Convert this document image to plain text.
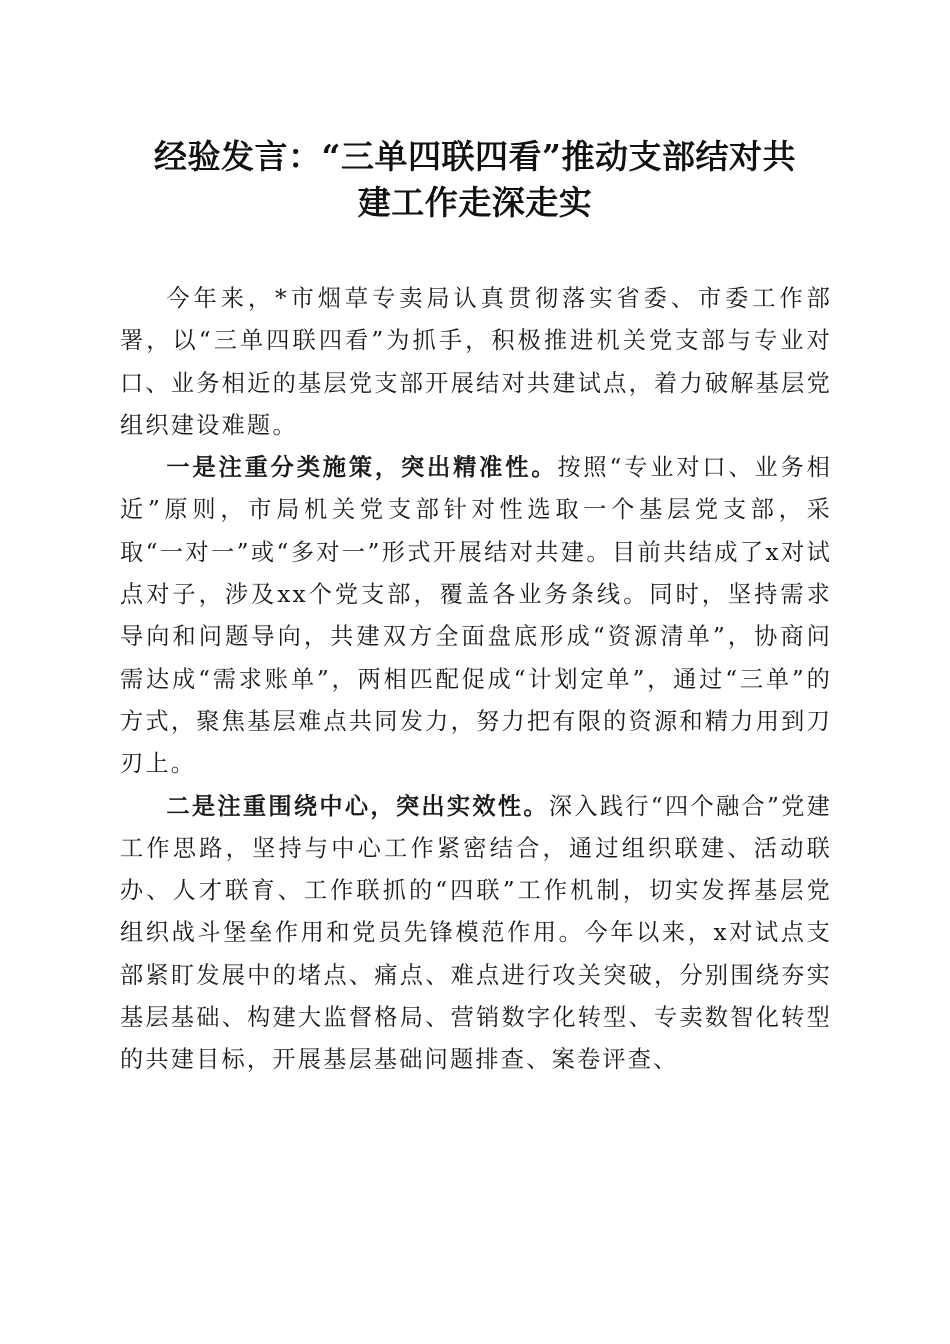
经验发言：“三单四联四看”推动支部结对共
建工作走深走实

今年来，*市烟草专卖局认真贯彻落实省委、市委工作部署，以“三单四联四看”为抓手，积极推进机关党支部与专业对口、业务相近的基层党支部开展结对共建试点，着力破解基层党组织建设难题。

一是注重分类施策，突出精准性。按照“专业对口、业务相近”原则，市局机关党支部针对性选取一个基层党支部，采取“一对一”或“多对一”形式开展结对共建。目前共结成了x对试点对子，涉及xx个党支部，覆盖各业务条线。同时，坚持需求导向和问题导向，共建双方全面盘底形成“资源清单”，协商问需达成“需求账单”，两相匹配促成“计划定单”，通过“三单”的方式，聚焦基层难点共同发力，努力把有限的资源和精力用到刀刃上。

二是注重围绕中心，突出实效性。深入践行“四个融合”党建工作思路，坚持与中心工作紧密结合，通过组织联建、活动联办、人才联育、工作联抓的“四联”工作机制，切实发挥基层党组织战斗堡垒作用和党员先锋模范作用。今年以来，x对试点支部紧盯发展中的堵点、痛点、难点进行攻关突破，分别围绕夯实基层基础、构建大监督格局、营销数字化转型、专卖数智化转型的共建目标，开展基层基础问题排查、案卷评查、
